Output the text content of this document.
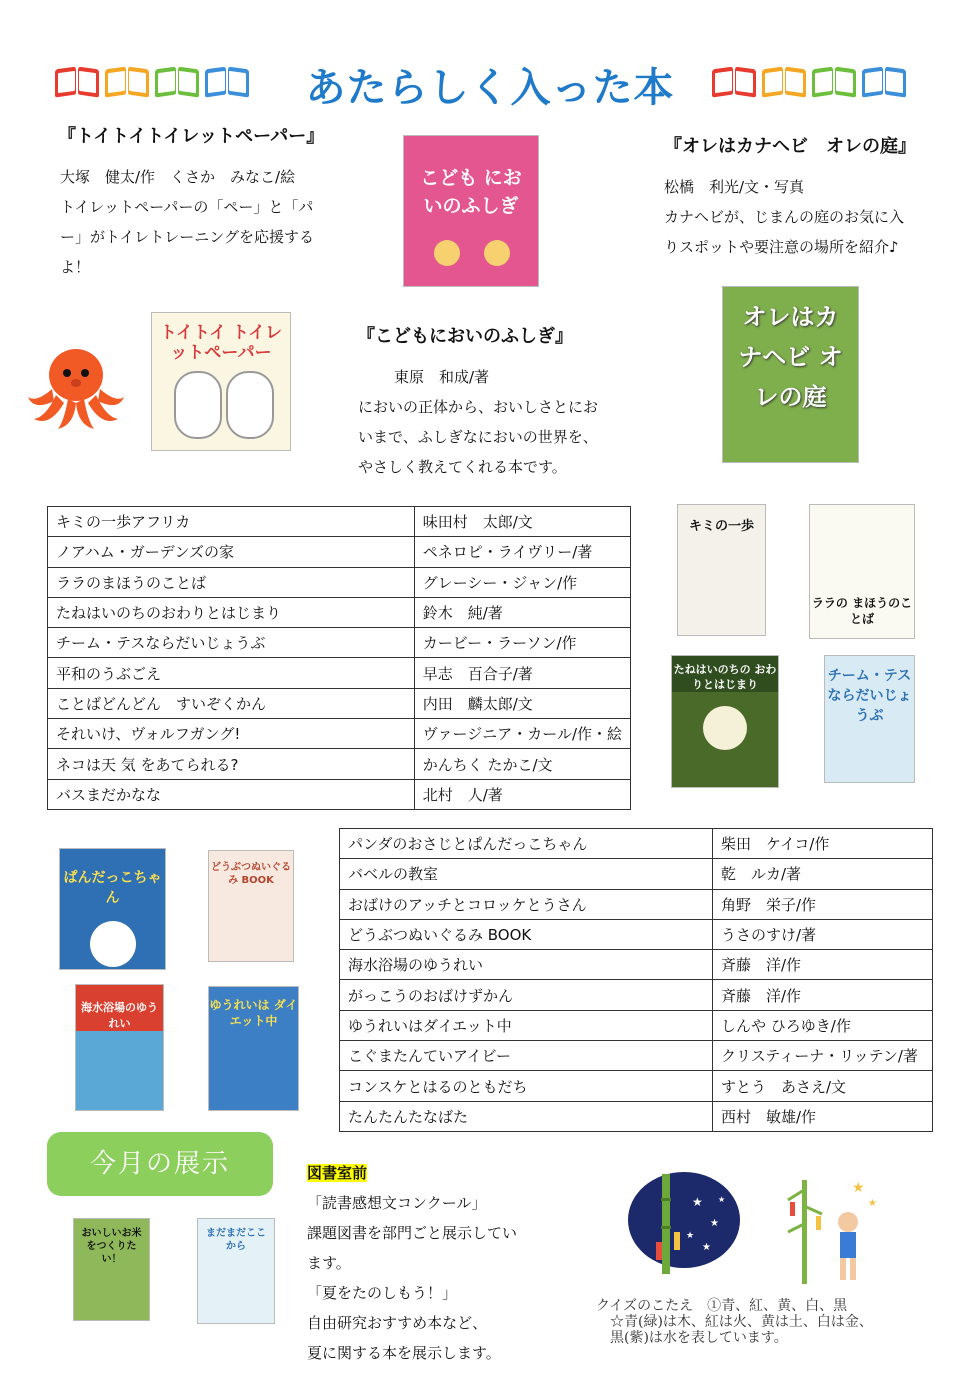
あたらしく入った本
『トイトイトイレットペーパー』
大塚　健太/作　くさか　みなこ/絵
トイレットペーパーの「ペー」と「パ
ー」がトイレトレーニングを応援する
よ！
トイトイ トイレットペーパー
こども においのふしぎ
『こどもにおいのふしぎ』
東原　和成/著
においの正体から、おいしさとにお
いまで、ふしぎなにおいの世界を、
やさしく教えてくれる本です。
『オレはカナヘビ　オレの庭』
松橋　利光/文・写真
カナヘビが、じまんの庭のお気に入
りスポットや要注意の場所を紹介♪
オレはカナヘビ オレの庭
キミの一歩アフリカ	味田村　太郎/文
ノアハム・ガーデンズの家	ペネロピ・ライヴリー/著
ララのまほうのことば	グレーシー・ジャン/作
たねはいのちのおわりとはじまり	鈴木　純/著
チーム・テスならだいじょうぶ	カービー・ラーソン/作
平和のうぶごえ	早志　百合子/著
ことばどんどん　すいぞくかん	内田　麟太郎/文
それいけ、ヴォルフガング!	ヴァージニア・カール/作・絵
ネコは天 気 をあてられる?	かんちく たかこ/文
バスまだかなな	北村　人/著
キミの一歩
ララの まほうのことば
たねはいのちの おわりとはじまり
チーム・テス ならだいじょうぶ
ぱんだっこちゃん
どうぶつぬいぐるみ BOOK
海水浴場のゆうれい
ゆうれいは ダイエット中
パンダのおさじとぱんだっこちゃん	柴田　ケイコ/作
バベルの教室	乾　ルカ/著
おばけのアッチとコロッケとうさん	角野　栄子/作
どうぶつぬいぐるみ BOOK	うさのすけ/著
海水浴場のゆうれい	斉藤　洋/作
がっこうのおばけずかん	斉藤　洋/作
ゆうれいはダイエット中	しんや ひろゆき/作
こぐまたんていアイビー	クリスティーナ・リッテン/著
コンスケとはるのともだち	すとう　あさえ/文
たんたんたなばた	西村　敏雄/作
今月の展示
おいしいお米をつくりたい！
まだまだここから
図書室前
「読書感想文コンクール」
課題図書を部門ごと展示してい
ます。
「夏をたのしもう！」
自由研究おすすめ本など、
夏に関する本を展示します。
★
★
★
★
★
★
★
クイズのこたえ　①青、紅、黄、白、黒
☆青(緑)は木、紅は火、黄は土、白は金、
黒(紫)は水を表しています。
